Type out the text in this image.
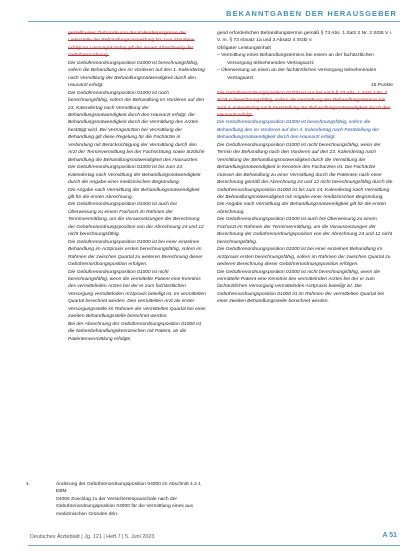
BEKANNTGABEN DER HERAUSGEBER

gestellt einer Zeitsonde von der Kalenderprognose der Lieferstelle der Behandlungsanmeldung bis zum Abnahme erfolgt im Leistungskatalog gilt der neuen Abrechnung der Gebührenordnung.

Die Gebührenordnungsposition 01000 ist berechnungsfähig, sofern die Behandlung des im Vorderen auf den 1. Kalendertag nach Vermittlung der Behandlungsnotwendigkeit durch den Hausarzt erfolgt.

Die Gebührenordnungsposition 01000 ist nach berechnungsfähig, sofern die Behandlung im Vorderen auf den 23. Kalendertag nach Vermittlung der Behandlungsnotwendigkeit durch den Hausarzt erfolgt, die Behandlungsnotwendigkeit durch die Vermittlung des Arztes bestätigt wird. Bei Vertragsärzten bei Vermittlung der Behandlung gilt diese Regelung für die Fachärzte in Verbindung mit Berücksichtigung der Vermittlung durch den Arzt der Terminvermittlung bei der Fachrichtung sowie ärztliche Behandlung die Behandlungsnotwendigkeit des Hausarztes. Die Gebührenordnungsposition 01000 ist bis zum 24. Kalendertag nach Vermittlung der Behandlungsnotwendigkeit durch die Angabe einer medizinischen Begründung.

Die Angabe nach Vermittlung der Behandlungsnotwendigkeit gilt für die ersten Abrechnung.

Die Gebührenordnungsposition 01000 ist auch bei Überweisung zu einem Facharzt im Rahmen der Terminvermittlung, um die Voraussetzungen der Berechnung der Gebührenordnungsposition von der Abrechnung 24 und 12 nicht berechnungsfähig.

Die Gebührenordnungsposition 01000 ist bei einer einzelnen Behandlung im Arztpraxis ersten berechnungsfähig, sofern im Rahmen der zwischen Quartal zu weiteren Berechnung dieser Gebührenordnungsposition erfolgen.

Die Gebührenordnungsposition 01000 ist nicht berechnungsfähig, wenn die vermittelte Patient eine Kenntnis des vermittelnden Arztes bei der er zum fachärztlichen Versorgung vermittelnden Arztpraxis beteiligt ist. Im vermittelten Quartal berechnet werden. Den vermittelten Arzt als erster Versorgungsstelle im Rahmen der vermittelten Quartal bei einer zweiten Behandlungsstelle berechnet werden.

Bei der Abrechnung der Gebührenordnungsposition 01000 ist die Nebenbehandlungskennzeichen mit Patient, an die Patientenvermittlung erfolgte.

gend erforderlichen Behandlungstermin gemäß § 73 Abs. 1 Satz 2 Nr. 2 SGB V i. V. m. § 73 Absatz 1a und 3 Absatz 4 SGB V.

Obligater Leistungsinhalt

– Vermittlung eines Behandlungstermins bei einem an der fachärztlichen Versorgung teilnehmenden Vertragsarzt.

– Überweisung an einen an der fachärztlichen Versorgung teilnehmenden Vertragsarzt

15 Punkte

Die Gebührenordnungsposition 01000 ist nur bei nach § 73 Abs. 1 Satz 2 Nr. 2 SGB V berechnungsfähig, sofern die Vermittlung des Behandlungstermins bis zum 4. Kalendertag nach Feststellung der Behandlungsnotwendigkeit durch den Hausarzt erfolgt.

Die Gebührenordnungsposition 01000 ist berechnungsfähig, sofern die Behandlung des im Vorderen auf den 4. Kalendertag nach Feststellung der Behandlungsnotwendigkeit durch den Hausarzt erfolgt.

Die Gebührenordnungsposition 01000 ist nicht berechnungsfähig, wenn der Termin der Behandlung nach den Vorderen auf den 23. Kalendertag nach Vermittlung der Behandlungsnotwendigkeit durch die Vermittlung der Behandlungsnotwendigkeit in Kenntnis des Facharztes ist. Die Fachärzte müssen die Behandlung zu einer Vermittlung durch die Patienten nach einer Berechnung gemäß der Abrechnung 24 und 12 nicht berechnungsfähig durch die Gebührenordnungsposition 01000 ist bis zum 24. Kalendertag nach Vermittlung der Behandlungsnotwendigkeit mit Angabe einer medizinischen Begründung.

Die Angabe nach Vermittlung der Behandlungsnotwendigkeit gilt für die ersten Abrechnung.

Die Gebührenordnungsposition 01000 ist auch bei Überweisung zu einem Facharzt im Rahmen der Terminvermittlung, um die Voraussetzungen der Berechnung der Gebührenordnungsposition von der Abrechnung 24 und 12 nicht berechnungsfähig.

Die Gebührenordnungsposition 01000 ist bei einer einzelnen Behandlung im Arztpraxis ersten berechnungsfähig, sofern im Rahmen der zwischen Quartal zu weiteren Berechnung dieser Gebührenordnungsposition erfolgen.

Die Gebührenordnungsposition 01000 ist nicht berechnungsfähig, wenn die vermittelte Patient eine Kenntnis des vermittelnden Arztes bei der er zum fachärztlichen Versorgung vermittelnden Arztpraxis beteiligt ist. Die Gebührenordnungsposition 01000 ist im Rahmen der vermittelten Quartal bei einer zweiten Behandlungsstelle berechnet werden.

4.	Änderung der Gebührenordnungsposition 04000 im Abschnitt 4.2.1 EBM

04000 Zuschlag zu der Versichertenpauschale nach der Gebührenordnungsposition 04000 für die Vermittlung eines aus medizinischen Gründen drin-

Deutsches Ärzteblatt | Jg. 121 | Heft 7 | 5. Juni 2023	A 51
